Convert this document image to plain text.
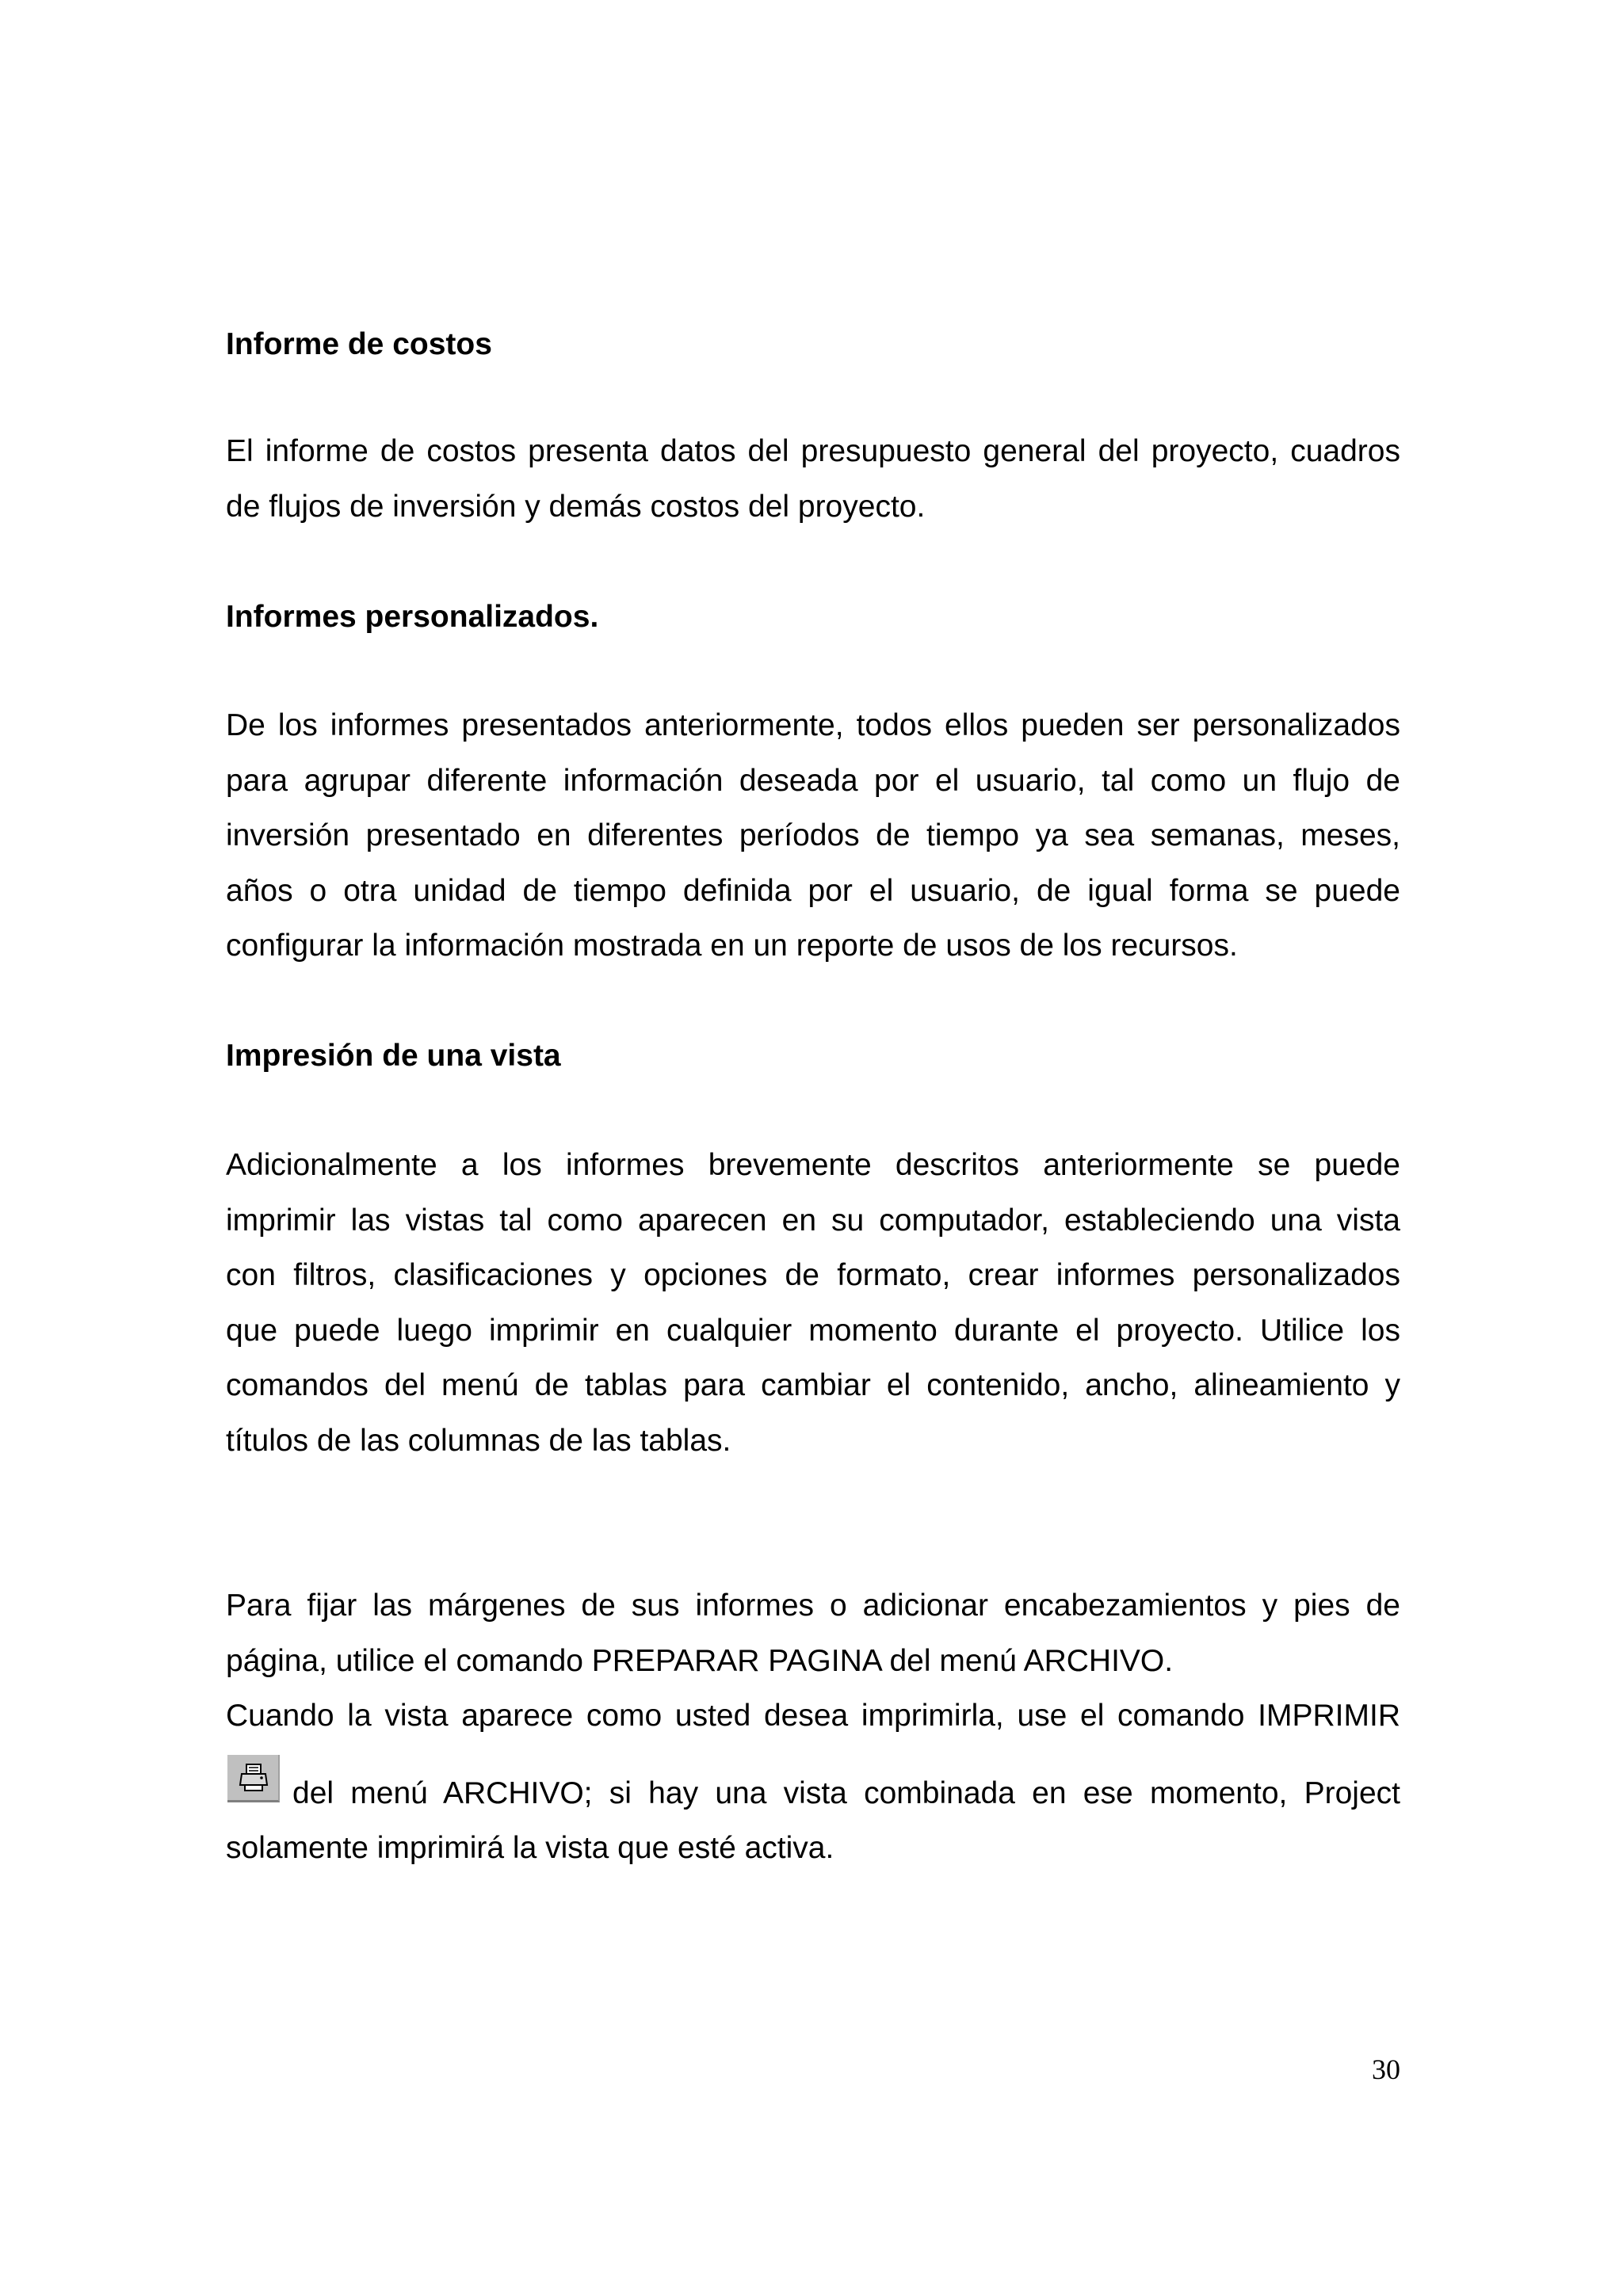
Informe de costos
El informe de costos presenta datos del presupuesto general del proyecto, cuadros
de flujos de inversión y demás costos del proyecto.
Informes personalizados.
De los informes presentados anteriormente, todos ellos pueden ser personalizados
para agrupar diferente información deseada por el usuario, tal como un flujo de
inversión presentado en diferentes períodos de tiempo ya sea semanas, meses,
años o otra unidad de tiempo definida por el usuario, de igual forma se puede
configurar la información mostrada en un reporte de usos de los recursos.
Impresión de una vista
Adicionalmente a los informes brevemente descritos anteriormente se puede
imprimir las vistas tal como aparecen en su computador, estableciendo una vista
con filtros, clasificaciones y opciones de formato, crear informes personalizados
que puede luego imprimir en cualquier momento durante el proyecto. Utilice los
comandos del menú de tablas para cambiar el contenido, ancho, alineamiento y
títulos de las columnas de las tablas.
Para fijar las márgenes de sus informes o adicionar encabezamientos y pies de
página, utilice el comando PREPARAR PAGINA del menú ARCHIVO.
Cuando la vista aparece como usted desea imprimirla, use el comando IMPRIMIR
del menú ARCHIVO; si hay una vista combinada en ese momento, Project
solamente imprimirá la vista que esté activa.
30
